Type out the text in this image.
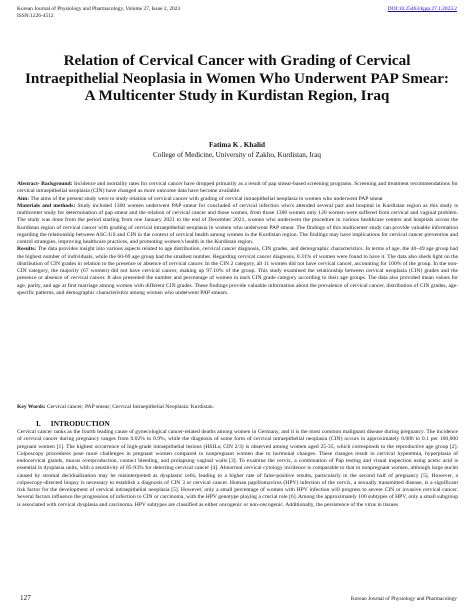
Korean Journal of Physiology and Pharmacology, Volume 27, Issue 2, 2023
ISSN:1226-4512
DOI:10.25463/kjpp.27.1.2023.2
Relation of Cervical Cancer with Grading of Cervical Intraepithelial Neoplasia in Women Who Underwent PAP Smear: A Multicenter Study in Kurdistan Region, Iraq
Fatima K . Khalid
College of Medicine, University of Zakho, Kurdistan, Iraq

Abstract- Background: Incidence and mortality rates for cervical cancer have dropped primarily as a result of pap smear-based screening programs. Screening and treatment recommendations for cervical intraepithelial neoplasia (CIN) have changed as more outcome data have become available.

Aim: The aims of the present study were to study relation of cervical cancer with grading of cervical intraepithelial neoplasia in women who underwent PAP smear

Materials and methods: Study included 1300 women underwent PAP smear for concluded of cervical infection who's attended several part and hospital in Kurdistan region as this study is multicenter study for determination of pap smear and the relation of cervical cancer and those women, from those 1300 women only 120 women were suffered from cervical and vaginal problem. The study was done from the period starting from one January 2021 to the end of December 2021, women who underwent the procedure in various healthcare centers and hospitals across the Kurdistan region of cervical cancer with grading of cervical intraepithelial neoplasia in women who underwent PAP smear. The findings of this multicenter study can provide valuable information regarding the relationship between ASC-US and CIN in the context of cervical health among women in the Kurdistan region. The findings may have implications for cervical cancer prevention and control strategies, improving healthcare practices, and promoting women's health in the Kurdistan region.

Results: The data provides insight into various aspects related to age distribution, cervical cancer diagnosis, CIN grades, and demographic characteristics. In terms of age, the 40–49 age group had the highest number of individuals, while the 60-69 age group had the smallest number. Regarding cervical cancer diagnosis, 0.31% of women were found to have it. The data also sheds light on the distribution of CIN grades in relation to the presence or absence of cervical cancer. In the CIN 2 category, all 11 women did not have cervical cancer, accounting for 100% of the group. In the non-CIN category, the majority (67 women) did not have cervical cancer, making up 97.10% of the group. This study examined the relationship between cervical neoplasia (CIN) grades and the presence or absence of cervical cancer. It also presented the number and percentage of women in each CIN grade category according to their age groups. The data also provided mean values for age, parity, and age at first marriage among women with different CIN grades. These findings provide valuable information about the prevalence of cervical cancer, distribution of CIN grades, age-specific patterns, and demographic characteristics among women who underwent PAP smears.

Key Words: Cervical cancer; PAP smear; Cervical Intraepithelial Neoplasia: Kurdistan.
I. INTRODUCTION

Cervical cancer ranks as the fourth leading cause of gynecological cancer-related deaths among women in Germany, and it is the most common malignant disease during pregnancy. The incidence of cervical cancer during pregnancy ranges from 0.02% to 0.9%, while the diagnosis of some form of cervical intraepithelial neoplasia (CIN) occurs in approximately 0.006 to 0.1 per 100,000 pregnant women [1]. The highest occurrence of high-grade intraepithelial lesions (HSILs; CIN 2/3) is observed among women aged 25-35, which corresponds to the reproductive age group [2]. Colposcopy procedures pose more challenges in pregnant women compared to nonpregnant women due to hormonal changes. These changes result in cervical hyperemia, hyperplasia of endocervical glands, mucus overproduction, contact bleeding, and prolapsing vaginal walls [3]. To examine the cervix, a combination of Pap testing and visual inspection using acetic acid is essential in dysplasia units, with a sensitivity of 85-93% for detecting cervical cancer [4]. Abnormal cervical cytology incidence is comparable to that in nonpregnant women, although large nuclei caused by stromal decidualization may be misinterpreted as dysplastic cells, leading to a higher rate of false-positive results, particularly in the second half of pregnancy [5]. However, a colposcopy-directed biopsy is necessary to establish a diagnosis of CIN 3 or cervical cancer. Human papillomavirus (HPV) infection of the cervix, a sexually transmitted disease, is a significant risk factor for the development of cervical intraepithelial neoplasia [5]. However, only a small percentage of women with HPV infection will progress to severe CIN or invasive cervical cancer. Several factors influence the progression of infection to CIN or carcinoma, with the HPV genotype playing a crucial role [6]. Among the approximately 100 subtypes of HPV, only a small subgroup is associated with cervical dysplasia and carcinoma. HPV subtypes are classified as either oncogenic or non-oncogenic. Additionally, the persistence of the virus in tissues

127	Korean Journal of Physiology and Pharmacology
